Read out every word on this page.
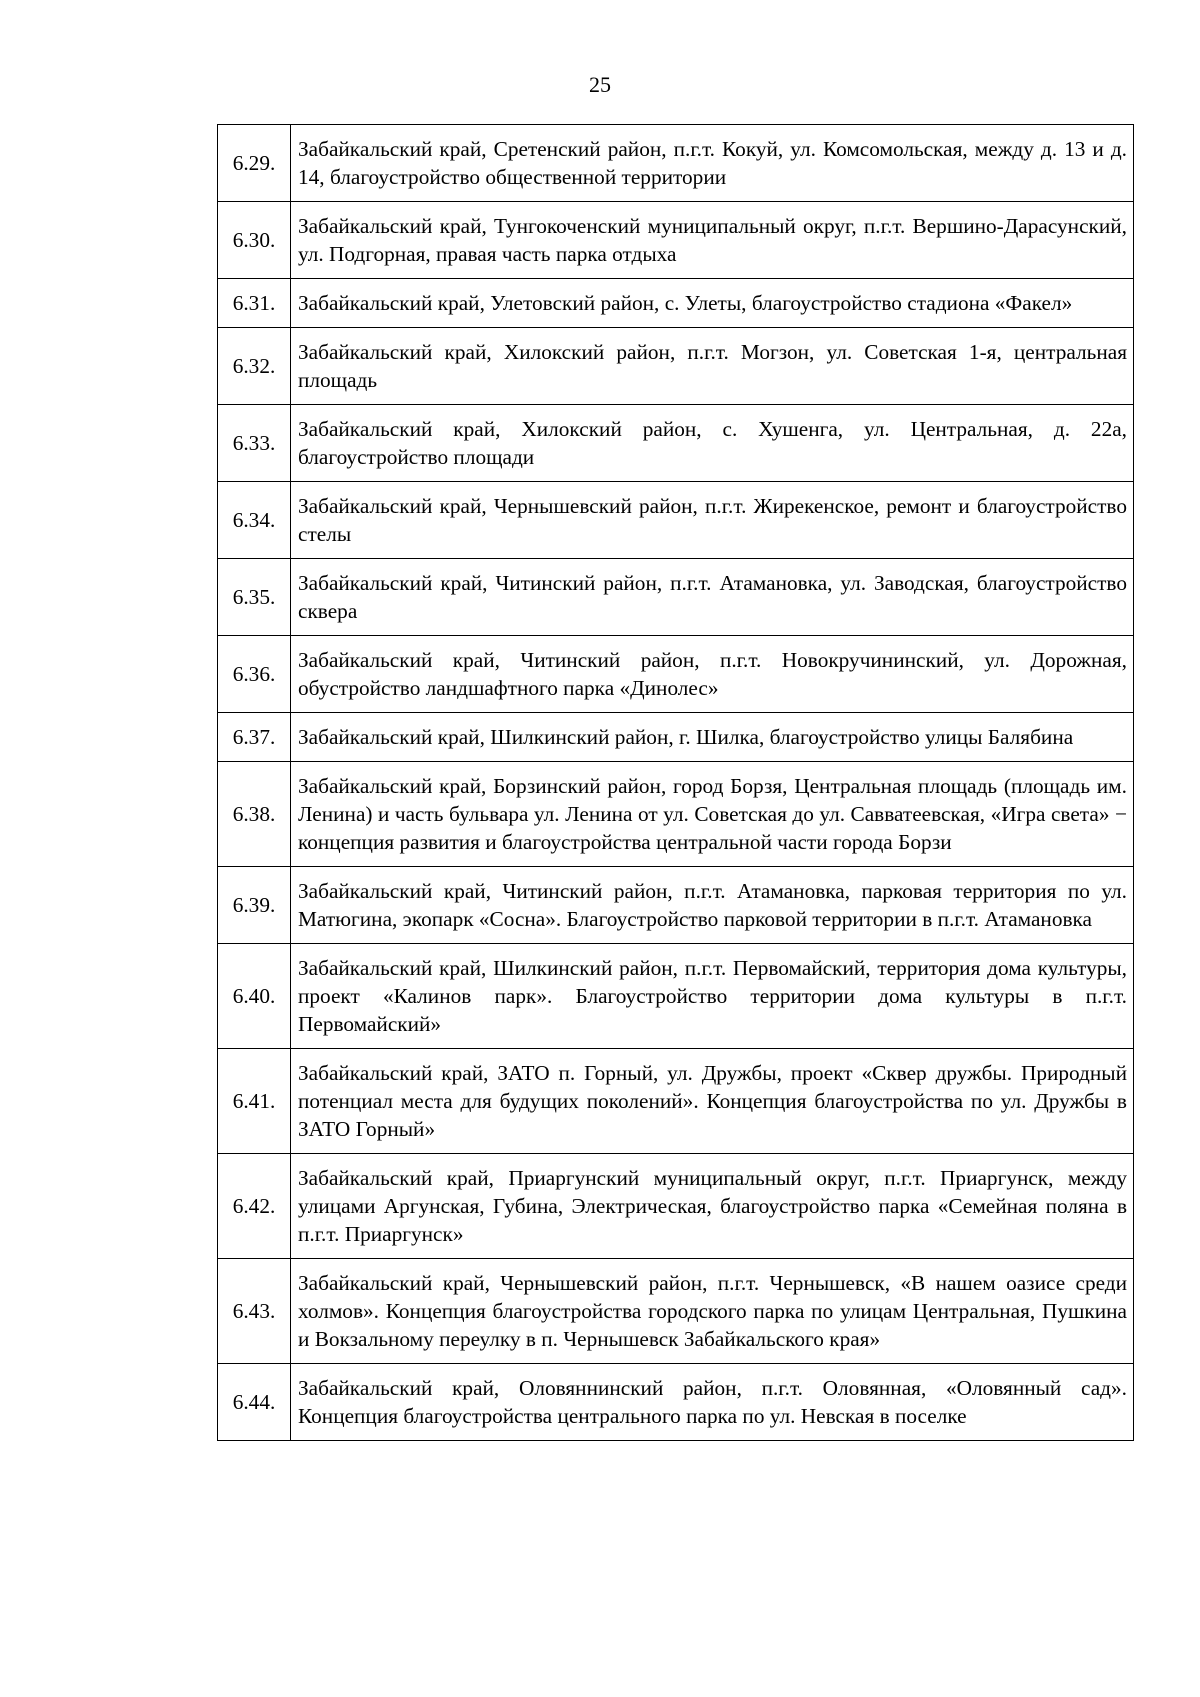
25
6.29.	Забайкальский край, Сретенский район, п.г.т. Кокуй, ул. Комсомольская, между д. 13 и д. 14, благоустройство общественной территории
6.30.	Забайкальский край, Тунгокоченский муниципальный округ, п.г.т. Вершино-Дарасунский, ул. Подгорная, правая часть парка отдыха
6.31.	Забайкальский край, Улетовский район, с. Улеты, благоустройство стадиона «Факел»
6.32.	Забайкальский край, Хилокский район, п.г.т. Могзон, ул. Советская 1-я, центральная площадь
6.33.	Забайкальский край, Хилокский район, с. Хушенга, ул. Центральная, д. 22а, благоустройство площади
6.34.	Забайкальский край, Чернышевский район, п.г.т. Жирекенское, ремонт и благоустройство стелы
6.35.	Забайкальский край, Читинский район, п.г.т. Атамановка, ул. Заводская, благоустройство сквера
6.36.	Забайкальский край, Читинский район, п.г.т. Новокручининский, ул. Дорожная, обустройство ландшафтного парка «Динолес»
6.37.	Забайкальский край, Шилкинский район, г. Шилка, благоустройство улицы Балябина
6.38.	Забайкальский край, Борзинский район, город Борзя, Центральная площадь (площадь им. Ленина) и часть бульвара ул. Ленина от ул. Советская до ул. Савватеевская, «Игра света» − концепция развития и благоустройства центральной части города Борзи
6.39.	Забайкальский край, Читинский район, п.г.т. Атамановка, парковая территория по ул. Матюгина, экопарк «Сосна». Благоустройство парковой территории в п.г.т. Атамановка
6.40.	Забайкальский край, Шилкинский район, п.г.т. Первомайский, территория дома культуры, проект «Калинов парк». Благоустройство территории дома культуры в п.г.т. Первомайский»
6.41.	Забайкальский край, ЗАТО п. Горный, ул. Дружбы, проект «Сквер дружбы. Природный потенциал места для будущих поколений». Концепция благоустройства по ул. Дружбы в ЗАТО Горный»
6.42.	Забайкальский край, Приаргунский муниципальный округ, п.г.т. Приаргунск, между улицами Аргунская, Губина, Электрическая, благоустройство парка «Семейная поляна в п.г.т. Приаргунск»
6.43.	Забайкальский край, Чернышевский район, п.г.т. Чернышевск, «В нашем оазисе среди холмов». Концепция благоустройства городского парка по улицам Центральная, Пушкина и Вокзальному переулку в п. Чернышевск Забайкальского края»
6.44.	Забайкальский край, Оловяннинский район, п.г.т. Оловянная, «Оловянный сад». Концепция благоустройства центрального парка по ул. Невская в поселке
